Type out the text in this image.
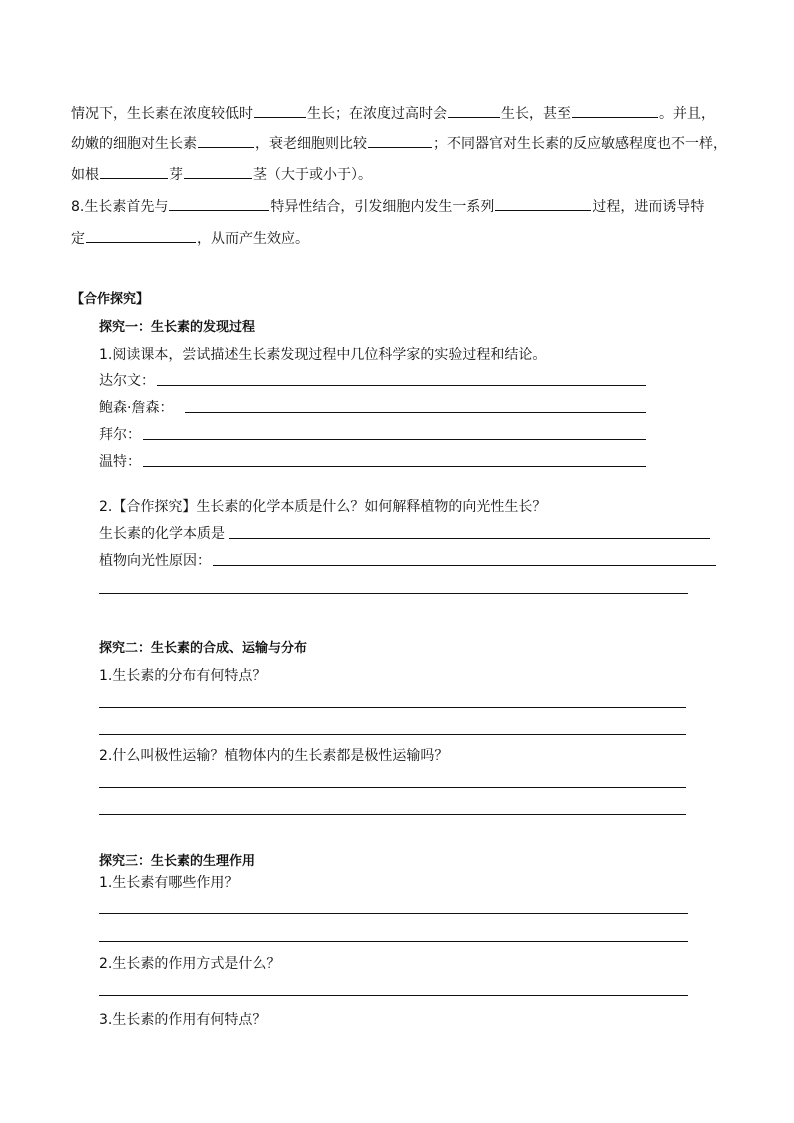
情况下，生长素在浓度较低时	生长；在浓度过高时会	生长，甚至	。并且，
幼嫩的细胞对生长素	，衰老细胞则比较	；不同器官对生长素的反应敏感程度也不一样，
如根	芽	茎（大于或小于）。
8.生长素首先与	特异性结合，引发细胞内发生一系列	过程，进而诱导特
定	，从而产生效应。
【合作探究】
探究一：生长素的发现过程
1.阅读课本，尝试描述生长素发现过程中几位科学家的实验过程和结论。
达尔文：
鲍森·詹森：
拜尔：
温特：
2.【合作探究】生长素的化学本质是什么？如何解释植物的向光性生长？
生长素的化学本质是
植物向光性原因：
探究二：生长素的合成、运输与分布
1.生长素的分布有何特点？
2.什么叫极性运输？植物体内的生长素都是极性运输吗？
探究三：生长素的生理作用
1.生长素有哪些作用？
2.生长素的作用方式是什么？
3.生长素的作用有何特点？
